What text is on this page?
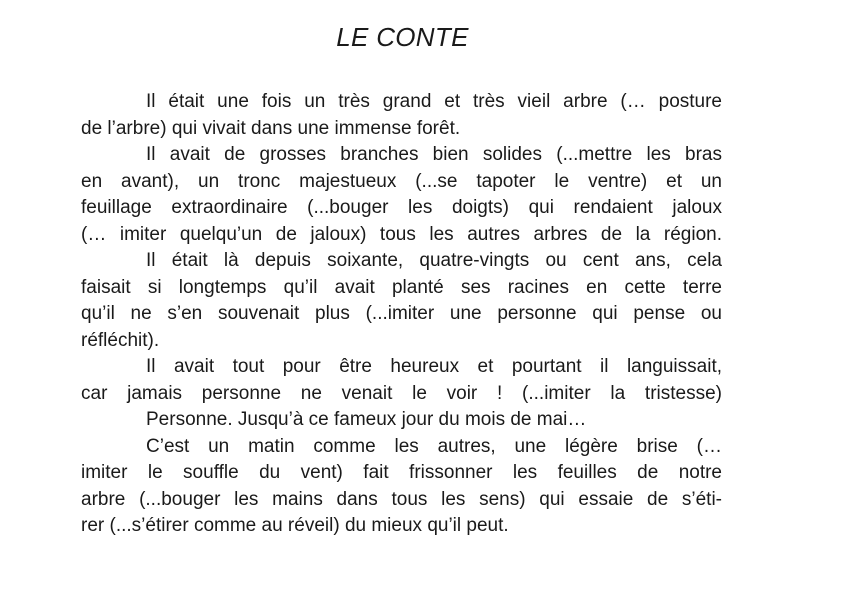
LE CONTE
Il était une fois un très grand et très vieil arbre (… posture
de l’arbre) qui vivait dans une immense forêt.
Il avait de grosses branches bien solides (...mettre les bras
en avant), un tronc majestueux (...se tapoter le ventre) et un
feuillage extraordinaire (...bouger les doigts) qui rendaient jaloux
(… imiter quelqu’un de jaloux) tous les autres arbres de la région.
Il était là depuis soixante, quatre-vingts ou cent ans, cela
faisait si longtemps qu’il avait planté ses racines en cette terre
qu’il ne s’en souvenait plus (...imiter une personne qui pense ou
réfléchit).
Il avait tout pour être heureux et pourtant il languissait,
car jamais personne ne venait le voir ! (...imiter la tristesse)
Personne. Jusqu’à ce fameux jour du mois de mai…
C’est un matin comme les autres, une légère brise (…
imiter le souffle du vent) fait frissonner les feuilles de notre
arbre (...bouger les mains dans tous les sens) qui essaie de s’éti-
rer (...s’étirer comme au réveil) du mieux qu’il peut.
